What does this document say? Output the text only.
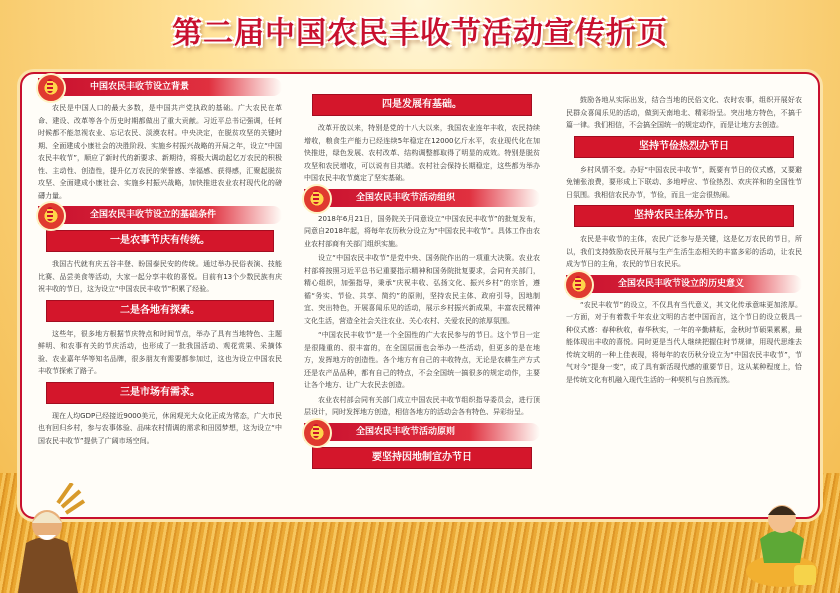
第二届中国农民丰收节活动宣传折页
中国农民丰收节设立背景

农民是中国人口的最大多数，是中国共产党执政的基础。广大农民在革命、建设、改革等各个历史时期都做出了重大贡献。习近平总书记强调，任何时候都不能忽视农业、忘记农民、淡漠农村。中央决定，在脱贫攻坚的关键时期、全面建成小康社会的决胜阶段、实施乡村振兴战略的开局之年，设立“中国农民丰收节”，顺应了新时代的新要求、新期待，将极大调动起亿万农民的积极性、主动性、创造性，提升亿万农民的荣誉感、幸福感、获得感，汇聚起脱贫攻坚、全面建成小康社会、实施乡村振兴战略，加快推进农业农村现代化的磅礴力量。

全国农民丰收节设立的基础条件
一是农事节庆有传统。

我国古代就有庆五谷丰登、盼国泰民安的传统。通过举办民俗表演、技能比赛、品尝美食等活动，大家一起分享丰收的喜悦。目前有13个少数民族有庆祝丰收的节日，这为设立“中国农民丰收节”积累了经验。

二是各地有探索。

这些年，很多地方根据节庆特点和时间节点，举办了具有当地特色、主题鲜明、和农事有关的节庆活动，也形成了一批我国活动、观花赏果、采摘体验、农业嘉年华等知名品牌，很多朋友有需要都参加过，这也为设立中国农民丰收节探索了路子。

三是市场有需求。

现在人均GDP已经接近9000美元，休闲观光大众化正成为常态，广大市民也有回归乡村，参与农事体验、品味农村情调的需求和田园梦想，这为设立“中国农民丰收节”提供了广阔市场空间。

四是发展有基础。

改革开放以来，特别是党的十八大以来，我国农业连年丰收，农民持续增收，粮食生产能力已经连续5年稳定在12000亿斤水平，农业现代化在加快推进，绿色发展、农村改革、结构调整都取得了明显的成效。特别是脱贫攻坚和农民增收，可以说有目共睹。农村社会保持长期稳定，这些都为举办中国农民丰收节奠定了坚实基础。

全国农民丰收节活动组织

2018年6月21日，国务院关于同意设立“中国农民丰收节”的批复发布，同意自2018年起，将每年农历秋分设立为“中国农民丰收节”。具体工作由农业农村部商有关部门组织实施。

设立“中国农民丰收节”是党中央、国务院作出的一项重大决策。农业农村部将按照习近平总书记重要指示精神和国务院批复要求，会同有关部门，精心组织，加强指导，秉承“庆祝丰收、弘扬文化、振兴乡村”的宗旨，遵循“务实、节俭、共享、简约”的原则，坚持农民主体、政府引导，因地制宜、突出特色，开展喜闻乐见的活动，展示乡村振兴新成果，丰富农民精神文化生活，营造全社会关注农业、关心农村、关爱农民的浓厚氛围。

“中国农民丰收节”是一个全国性的广大农民参与的节日。这个节日一定是很隆重的、很丰富的，在全国层面也会举办一些活动，但更多的是在地方，发挥地方的创造性。各个地方有自己的丰收特点，无论是农耕生产方式还是农产品品种，都有自己的特点，不会全国统一搞很多的规定动作，主要让各个地方、让广大农民去创造。

农业农村部会同有关部门成立中国农民丰收节组织指导委员会，进行顶层设计，同时发挥地方创造，相信各地方的活动会各有特色、异彩纷呈。

全国农民丰收节活动原则
要坚持因地制宜办节日

鼓励各地从实际出发，结合当地的民俗文化、农时农事，组织开展好农民群众喜闻乐见的活动，做到天南地北、精彩纷呈。突出地方特色，不搞千篇一律。我们相信，不会搞全国统一的规定动作，而是让地方去创造。

坚持节俭热烈办节日

乡村风情不变。办好“中国农民丰收节”，既要有节日的仪式感，又要避免铺张浪费，要形成上下联动、多地呼应、节俭热烈、欢庆祥和的全国性节日氛围。我相信农民办节，节俭，而且一定会很热闹。

坚持农民主体办节日。

农民是丰收节的主体，农民广泛参与是关键，这是亿万农民的节日，所以，我们支持鼓励农民开展与生产生活生态相关的丰富多彩的活动，让农民成为节日的主角，农民的节日农民乐。

全国农民丰收节设立的历史意义

“农民丰收节”的设立，不仅具有当代意义，其文化传承意味更加浓厚。一方面，对于有着数千年农业文明的古老中国而言，这个节日的设立极具一种仪式感：春种秋收，春华秋实，一年的辛勤耕耘，金秋时节硕果累累，最能体现出丰收的喜悦。同时更是当代人继续把握住时节规律，用现代思维去传统文明的一种上佳表现，将每年的农历秋分设立为“中国农民丰收节”，节气对今“提身一变”，成了具有新活现代感的重要节日，这从某种程度上，恰是传统文化有机融入现代生活的一种契机与自然而然。
